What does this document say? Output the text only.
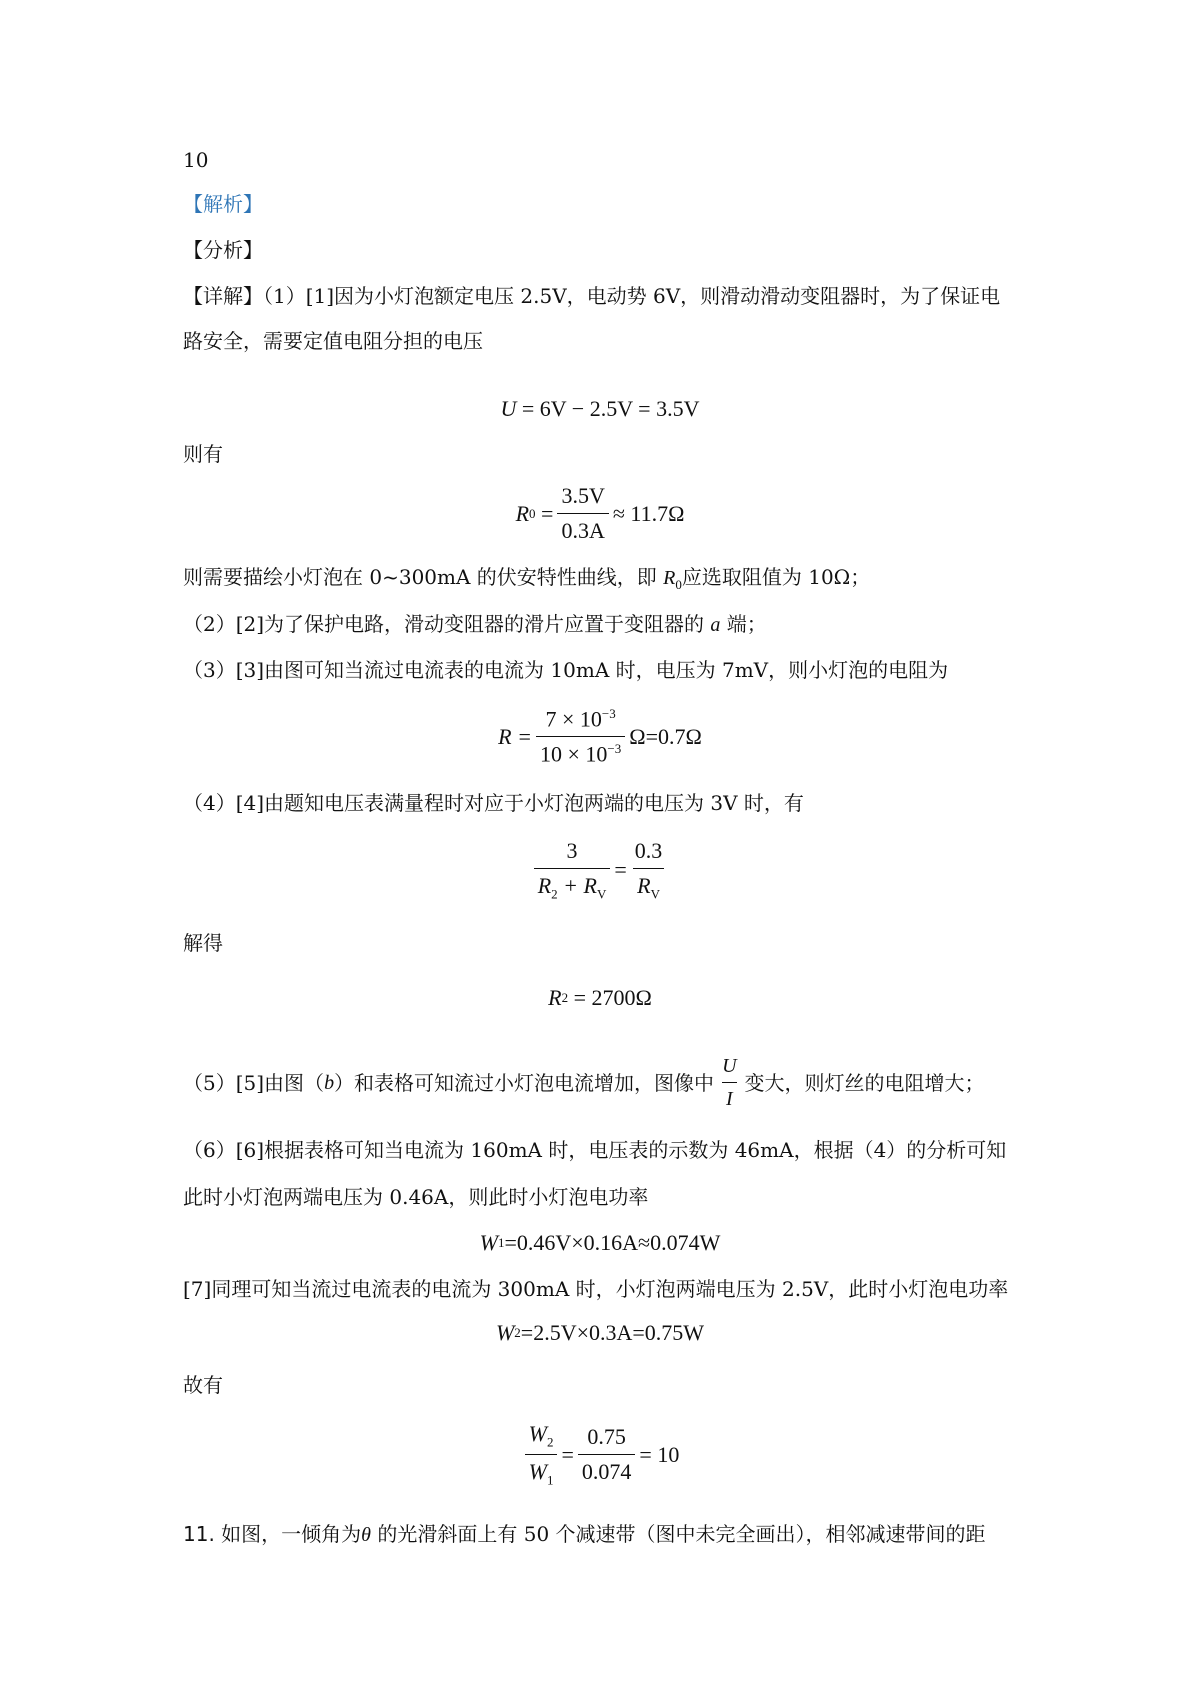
10
【解析】
【分析】
【详解】（1）[1]因为小灯泡额定电压 2.5V，电动势 6V，则滑动滑动变阻器时，为了保证电
路安全，需要定值电阻分担的电压
U
= 6V − 2.5V = 3.5V
则有
R $0 = \frac{3.5V}{0.3A} \approx 11.7\Omega$
则需要描绘小灯泡在 0~300mA 的伏安特性曲线，即 $R_0$应选取阻值为 10Ω；
（2）[2]为了保护电路，滑动变阻器的滑片应置于变阻器的 a 端；
（3）[3]由图可知当流过电流表的电流为 10mA 时，电压为 7mV，则小灯泡的电阻为
$R = \frac{7 \times 10^{-3}}{10 \times 10^{-3}} \Omega=0.7\Omega$
（4）[4]由题知电压表满量程时对应于小灯泡两端的电压为 3V 时，有
$\frac{3}{R_2 + R_V} = \frac{0.3}{R_V}$
解得
R 2
= 2700Ω
（5）[5]由图（ b ）和表格可知流过小灯泡电流增加，图像中 $\frac{U}{I}$ 变大，则灯丝的电阻增大；
（6）[6]根据表格可知当电流为 160mA 时，电压表的示数为 46mA，根据（4）的分析可知
此时小灯泡两端电压为 0.46A，则此时小灯泡电功率
W 1 =0.46V×0.16A≈0.074W
[7]同理可知当流过电流表的电流为 300mA 时，小灯泡两端电压为 2.5V，此时小灯泡电功率
W 2 =2.5V×0.3A=0.75W
故有
$\frac{W_2}{W_1} = \frac{0.75}{0.074} = 10$
11. 如图，一倾角为θ 的光滑斜面上有 50 个减速带（图中未完全画出），相邻减速带间的距
